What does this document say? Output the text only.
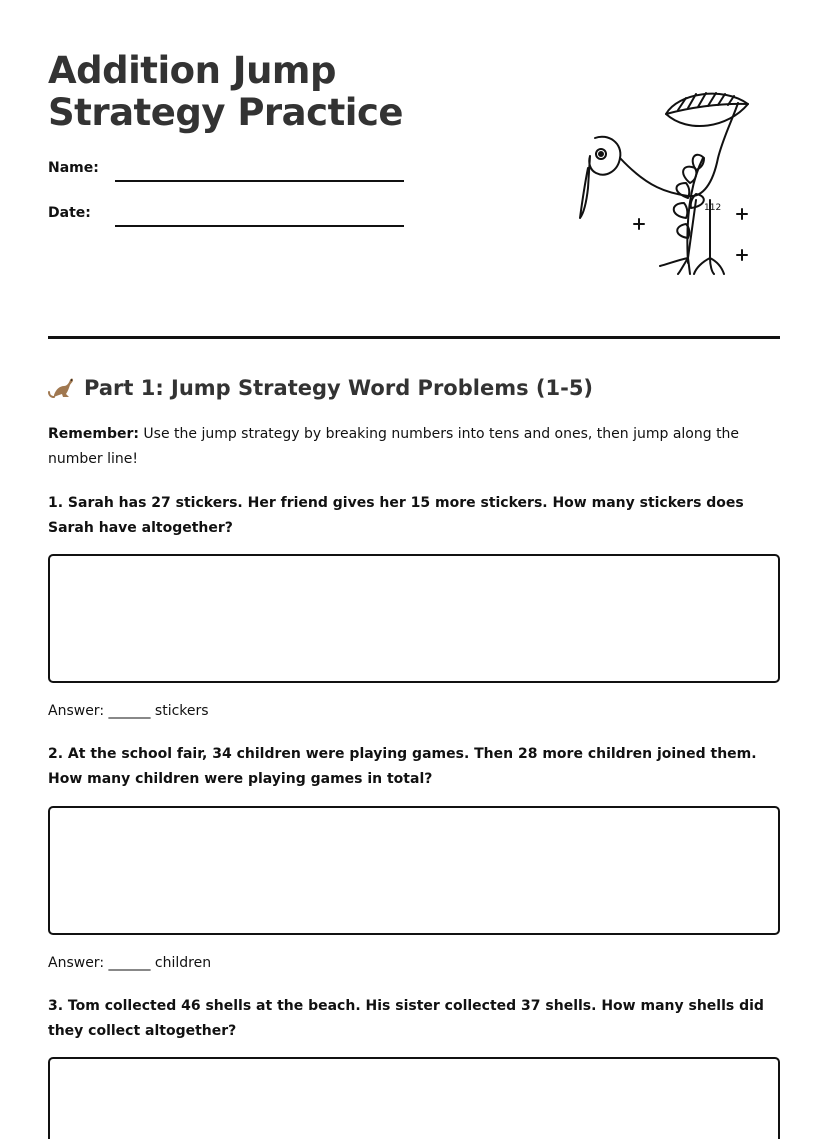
Addition Jump Strategy Practice
Name:
Date:	112
Part 1: Jump Strategy Word Problems (1-5)
Remember: Use the jump strategy by breaking numbers into tens and ones, then jump along the number line!

1. Sarah has 27 stickers. Her friend gives her 15 more stickers. How many stickers does Sarah have altogether?

Answer: ______ stickers

2. At the school fair, 34 children were playing games. Then 28 more children joined them. How many children were playing games in total?

Answer: ______ children

3. Tom collected 46 shells at the beach. His sister collected 37 shells. How many shells did they collect altogether?
